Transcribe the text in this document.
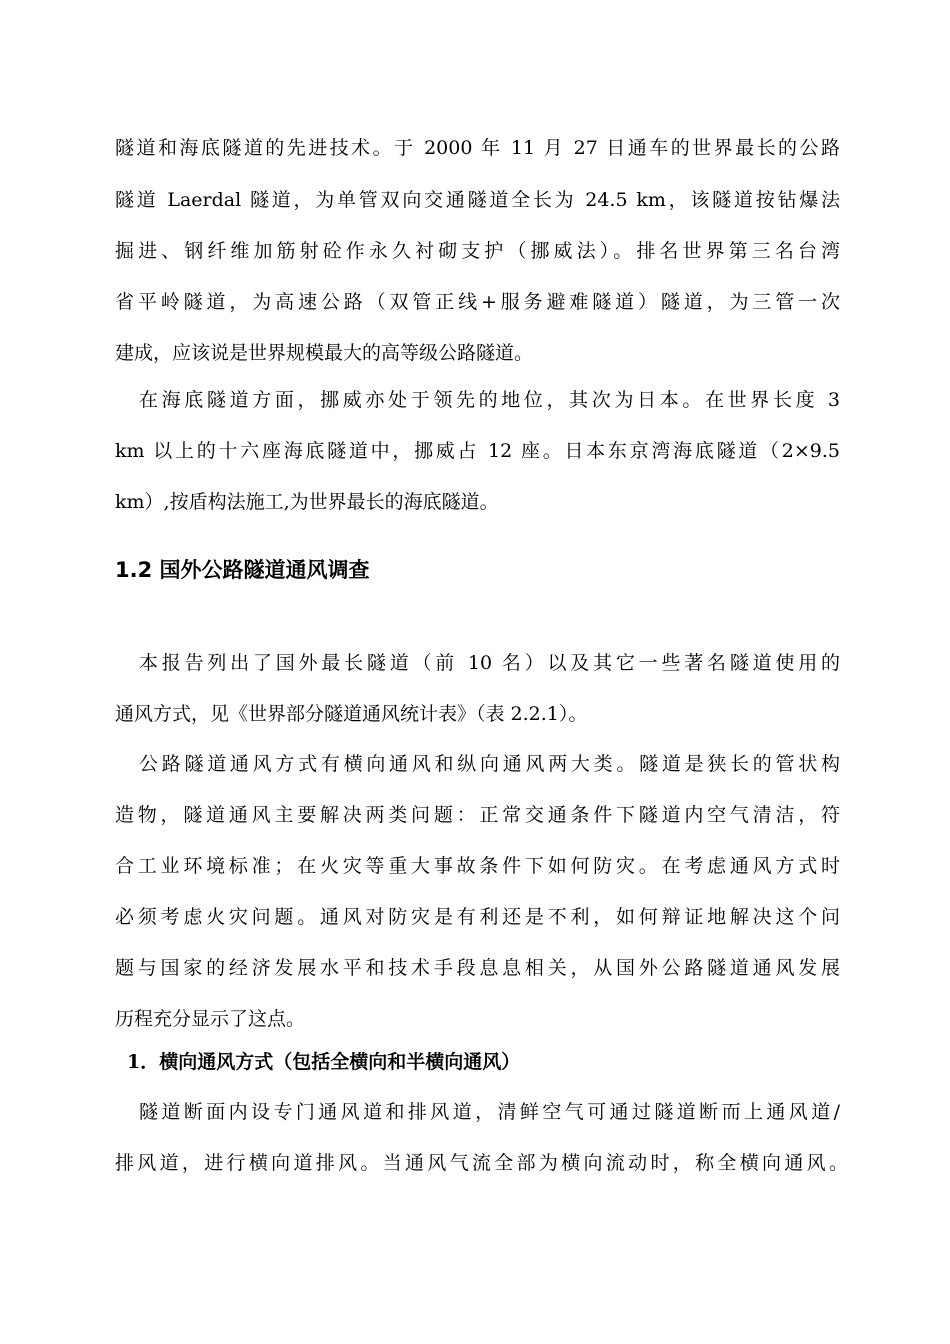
隧道和海底隧道的先进技术。于 2000 年 11 月 27 日通车的世界最长的公路
隧道 Laerdal 隧道，为单管双向交通隧道全长为 24.5 km，该隧道按钻爆法
掘进、钢纤维加筋射砼作永久衬砌支护（挪威法）。排名世界第三名台湾
省平岭隧道，为高速公路（双管正线+服务避难隧道）隧道，为三管一次
建成，应该说是世界规模最大的高等级公路隧道。
在海底隧道方面，挪威亦处于领先的地位，其次为日本。在世界长度 3
km 以上的十六座海底隧道中，挪威占 12 座。日本东京湾海底隧道（2×9.5
km）,按盾构法施工,为世界最长的海底隧道。
1.2 国外公路隧道通风调查
本报告列出了国外最长隧道（前 10 名）以及其它一些著名隧道使用的
通风方式，见《世界部分隧道通风统计表》（表 2.2.1）。
公路隧道通风方式有横向通风和纵向通风两大类。隧道是狭长的管状构
造物，隧道通风主要解决两类问题：正常交通条件下隧道内空气清洁，符
合工业环境标准；在火灾等重大事故条件下如何防灾。在考虑通风方式时
必须考虑火灾问题。通风对防灾是有利还是不利，如何辩证地解决这个问
题与国家的经济发展水平和技术手段息息相关，从国外公路隧道通风发展
历程充分显示了这点。
1．横向通风方式（包括全横向和半横向通风）
隧道断面内设专门通风道和排风道，清鲜空气可通过隧道断而上通风道/
排风道，进行横向道排风。当通风气流全部为横向流动时，称全横向通风。
